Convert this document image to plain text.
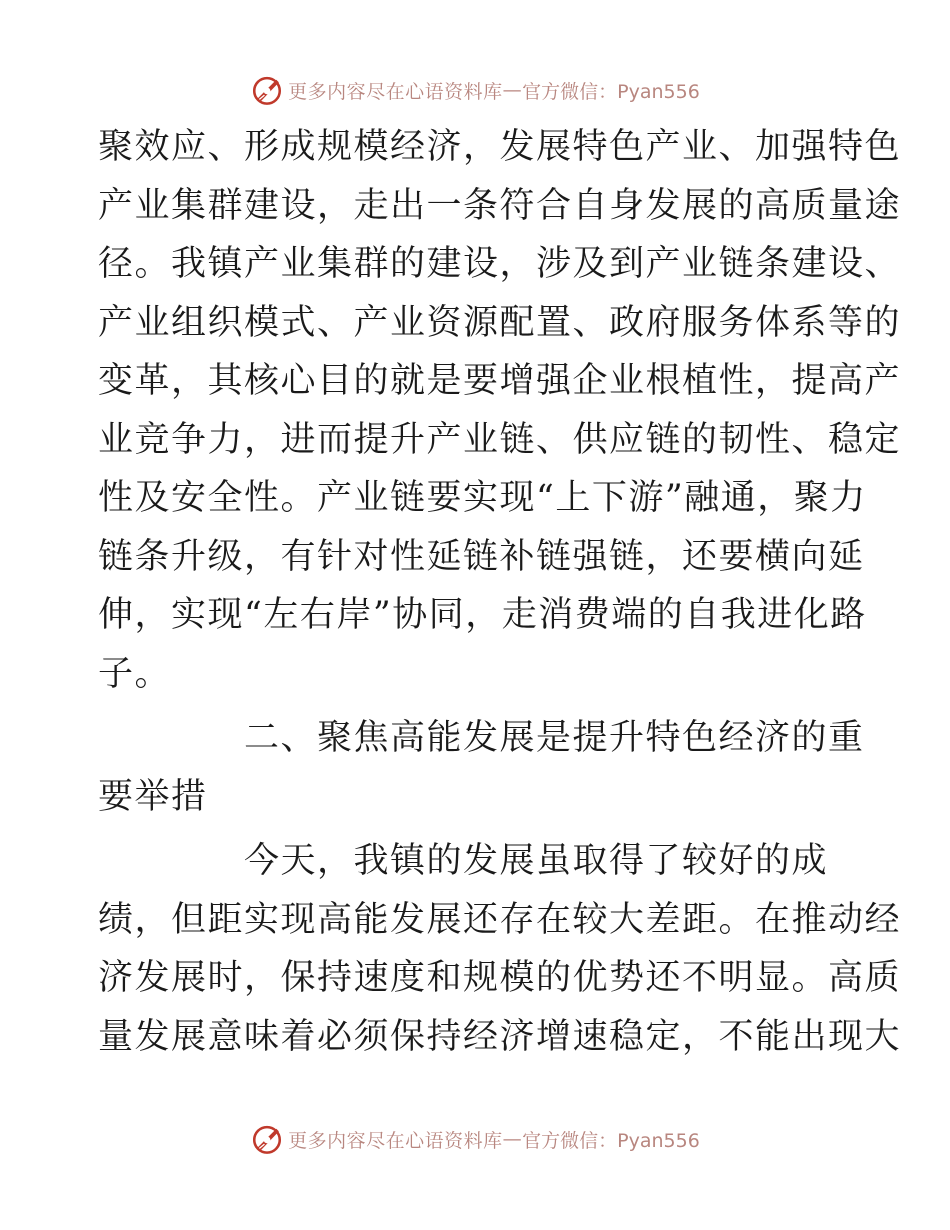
更多内容尽在心语资料库 — 官方微信：Pyan556
聚效应、形成规模经济，发展特色产业、加强特色
产业集群建设，走出一条符合自身发展的高质量途
径。我镇产业集群的建设，涉及到产业链条建设、
产业组织模式、产业资源配置、政府服务体系等的
变革，其核心目的就是要增强企业根植性，提高产
业竞争力，进而提升产业链、供应链的韧性、稳定
性及安全性。产业链要实现“上下游”融通，聚力
链条升级，有针对性延链补链强链，还要横向延
伸，实现“左右岸”协同，走消费端的自我进化路
子。
二、聚焦高能发展是提升特色经济的重
要举措
今天，我镇的发展虽取得了较好的成
绩，但距实现高能发展还存在较大差距。在推动经
济发展时，保持速度和规模的优势还不明显。高质
量发展意味着必须保持经济增速稳定，不能出现大
更多内容尽在心语资料库 — 官方微信：Pyan556
